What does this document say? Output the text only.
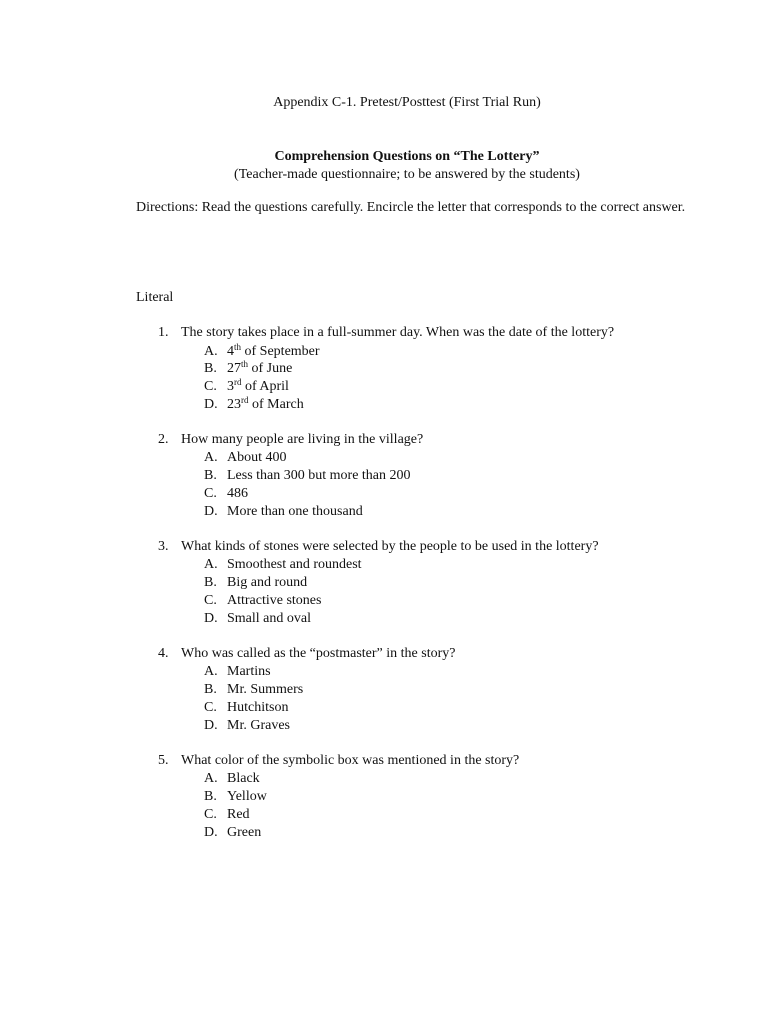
Appendix C-1. Pretest/Posttest (First Trial Run)
Comprehension Questions on “The Lottery”
(Teacher-made questionnaire; to be answered by the students)
Directions: Read the questions carefully. Encircle the letter that corresponds to the correct answer.
Literal
1. The story takes place in a full-summer day. When was the date of the lottery?
A. 4th of September
B. 27th of June
C. 3rd of April
D. 23rd of March
2. How many people are living in the village?
A. About 400
B. Less than 300 but more than 200
C. 486
D. More than one thousand
3. What kinds of stones were selected by the people to be used in the lottery?
A. Smoothest and roundest
B. Big and round
C. Attractive stones
D. Small and oval
4. Who was called as the “postmaster” in the story?
A. Martins
B. Mr. Summers
C. Hutchitson
D. Mr. Graves
5. What color of the symbolic box was mentioned in the story?
A. Black
B. Yellow
C. Red
D. Green
